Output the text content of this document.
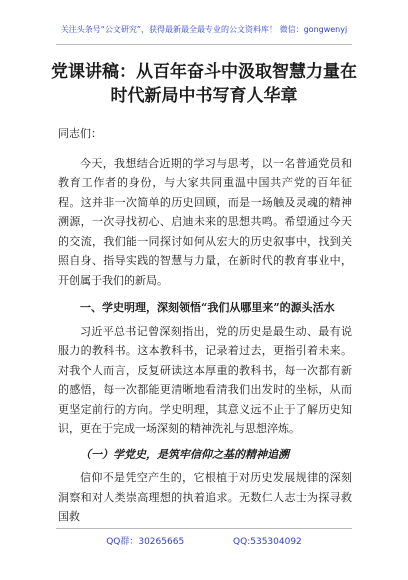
关注头条号“公文研究”，获得最新最全最专业的公文资料库！ 微信：gongwenyj
党课讲稿：从百年奋斗中汲取智慧力量在
时代新局中书写育人华章

同志们：

今天，我想结合近期的学习与思考，以一名普通党员和教育工作者的身份，与大家共同重温中国共产党的百年征程。这并非一次简单的历史回顾，而是一场触及灵魂的精神溯源，一次寻找初心、启迪未来的思想共鸣。希望通过今天的交流，我们能一同探讨如何从宏大的历史叙事中，找到关照自身、指导实践的智慧与力量，在新时代的教育事业中，开创属于我们的新局。

一、学史明理，深刻领悟“我们从哪里来”的源头活水

习近平总书记曾深刻指出，党的历史是最生动、最有说服力的教科书。这本教科书，记录着过去，更指引着未来。对我个人而言，反复研读这本厚重的教科书，每一次都有新的感悟，每一次都能更清晰地看清我们出发时的坐标，从而更坚定前行的方向。学史明理，其意义远不止于了解历史知识，更在于完成一场深刻的精神洗礼与思想淬炼。

（一）学党史，是筑牢信仰之基的精神追溯

信仰不是凭空产生的，它根植于对历史发展规律的深刻洞察和对人类崇高理想的执着追求。无数仁人志士为探寻救国救

QQ群：30265665	QQ:535304092
